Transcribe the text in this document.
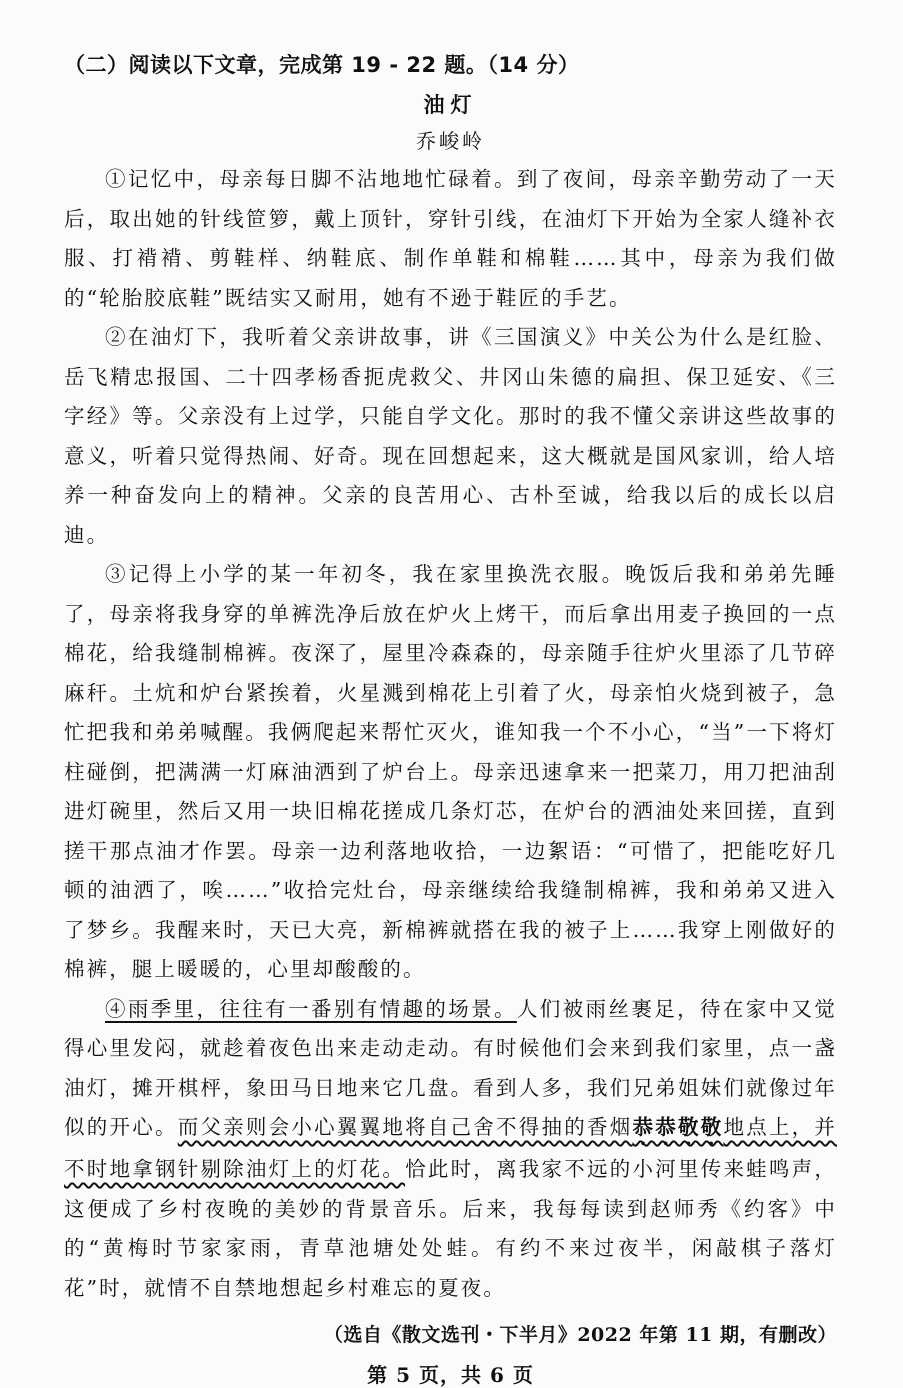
（二）阅读以下文章，完成第 19 - 22 题。（14 分）
油灯
乔峻岭

①记忆中，母亲每日脚不沾地地忙碌着。到了夜间，母亲辛勤劳动了一天后，取出她的针线笸箩，戴上顶针，穿针引线，在油灯下开始为全家人缝补衣服、打褙褙、剪鞋样、纳鞋底、制作单鞋和棉鞋……其中，母亲为我们做的“轮胎胶底鞋”既结实又耐用，她有不逊于鞋匠的手艺。

②在油灯下，我听着父亲讲故事，讲《三国演义》中关公为什么是红脸、岳飞精忠报国、二十四孝杨香扼虎救父、井冈山朱德的扁担、保卫延安、《三字经》等。父亲没有上过学，只能自学文化。那时的我不懂父亲讲这些故事的意义，听着只觉得热闹、好奇。现在回想起来，这大概就是国风家训，给人培养一种奋发向上的精神。父亲的良苦用心、古朴至诚，给我以后的成长以启迪。

③记得上小学的某一年初冬，我在家里换洗衣服。晚饭后我和弟弟先睡了，母亲将我身穿的单裤洗净后放在炉火上烤干，而后拿出用麦子换回的一点棉花，给我缝制棉裤。夜深了，屋里冷森森的，母亲随手往炉火里添了几节碎麻秆。土炕和炉台紧挨着，火星溅到棉花上引着了火，母亲怕火烧到被子，急忙把我和弟弟喊醒。我俩爬起来帮忙灭火，谁知我一个不小心，“当”一下将灯柱碰倒，把满满一灯麻油洒到了炉台上。母亲迅速拿来一把菜刀，用刀把油刮进灯碗里，然后又用一块旧棉花搓成几条灯芯，在炉台的洒油处来回搓，直到搓干那点油才作罢。母亲一边利落地收拾，一边絮语：“可惜了，把能吃好几顿的油洒了，唉……”收拾完灶台，母亲继续给我缝制棉裤，我和弟弟又进入了梦乡。我醒来时，天已大亮，新棉裤就搭在我的被子上……我穿上刚做好的棉裤，腿上暖暖的，心里却酸酸的。

④雨季里，往往有一番别有情趣的场景。人们被雨丝裹足，待在家中又觉得心里发闷，就趁着夜色出来走动走动。有时候他们会来到我们家里，点一盏油灯，摊开棋枰，象田马日地来它几盘。看到人多，我们兄弟姐妹们就像过年似的开心。而父亲则会小心翼翼地将自己舍不得抽的香烟恭恭敬敬地点上，并不时地拿钢针剔除油灯上的灯花。恰此时，离我家不远的小河里传来蛙鸣声，这便成了乡村夜晚的美妙的背景音乐。后来，我每每读到赵师秀《约客》中的“黄梅时节家家雨，青草池塘处处蛙。有约不来过夜半，闲敲棋子落灯花”时，就情不自禁地想起乡村难忘的夏夜。

（选自《散文选刊・下半月》2022 年第 11 期，有删改）
第 5 页，共 6 页
